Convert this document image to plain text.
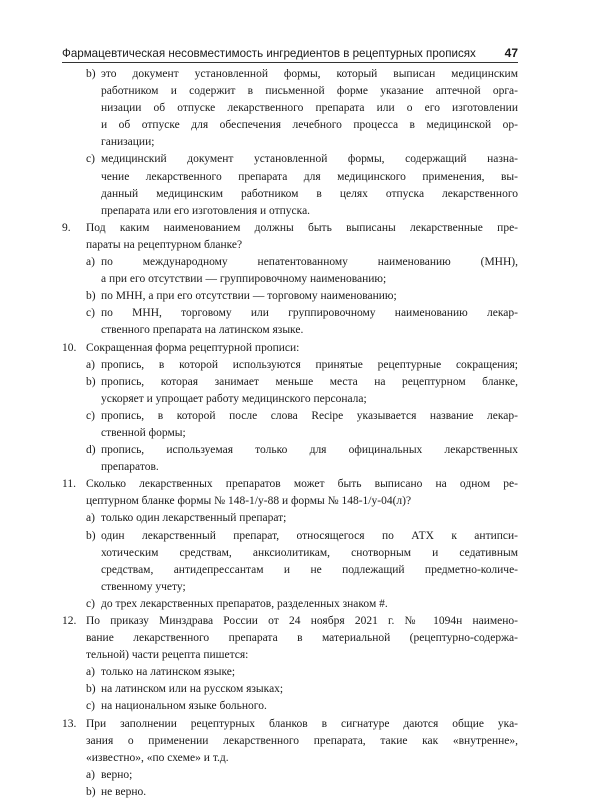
Фармацевтическая несовместимость ингредиентов в рецептурных прописях 47
b) это документ установленной формы, который выписан медицинским
работником и содержит в письменной форме указание аптечной орга-
низации об отпуске лекарственного препарата или о его изготовлении
и об отпуске для обеспечения лечебного процесса в медицинской ор-
ганизации;
c) медицинский документ установленной формы, содержащий назна-
чение лекарственного препарата для медицинского применения, вы-
данный медицинским работником в целях отпуска лекарственного
препарата или его изготовления и отпуска.
9. Под каким наименованием должны быть выписаны лекарственные пре-
параты на рецептурном бланке?
a) по международному непатентованному наименованию (МНН),
а при его отсутствии — группировочному наименованию;
b) по МНН, а при его отсутствии — торговому наименованию;
c) по МНН, торговому или группировочному наименованию лекар-
ственного препарата на латинском языке.
10. Сокращенная форма рецептурной прописи:
a) пропись, в которой используются принятые рецептурные сокращения;
b) пропись, которая занимает меньше места на рецептурном бланке,
ускоряет и упрощает работу медицинского персонала;
c) пропись, в которой после слова Recipe указывается название лекар-
ственной формы;
d) пропись, используемая только для официнальных лекарственных
препаратов.
11. Сколько лекарственных препаратов может быть выписано на одном ре-
цептурном бланке формы № 148-1/у-88 и формы № 148-1/у-04(л)?
a) только один лекарственный препарат;
b) один лекарственный препарат, относящегося по АТХ к антипси-
хотическим средствам, анксиолитикам, снотворным и седативным
средствам, антидепрессантам и не подлежащий предметно-количе-
ственному учету;
c) до трех лекарственных препаратов, разделенных знаком #.
12. По приказу Минздрава России от 24 ноября 2021 г. № 1094н наимено-
вание лекарственного препарата в материальной (рецептурно-содержа-
тельной) части рецепта пишется:
a) только на латинском языке;
b) на латинском или на русском языках;
c) на национальном языке больного.
13. При заполнении рецептурных бланков в сигнатуре даются общие ука-
зания о применении лекарственного препарата, такие как «внутренне»,
«известно», «по схеме» и т.д.
a) верно;
b) не верно.
